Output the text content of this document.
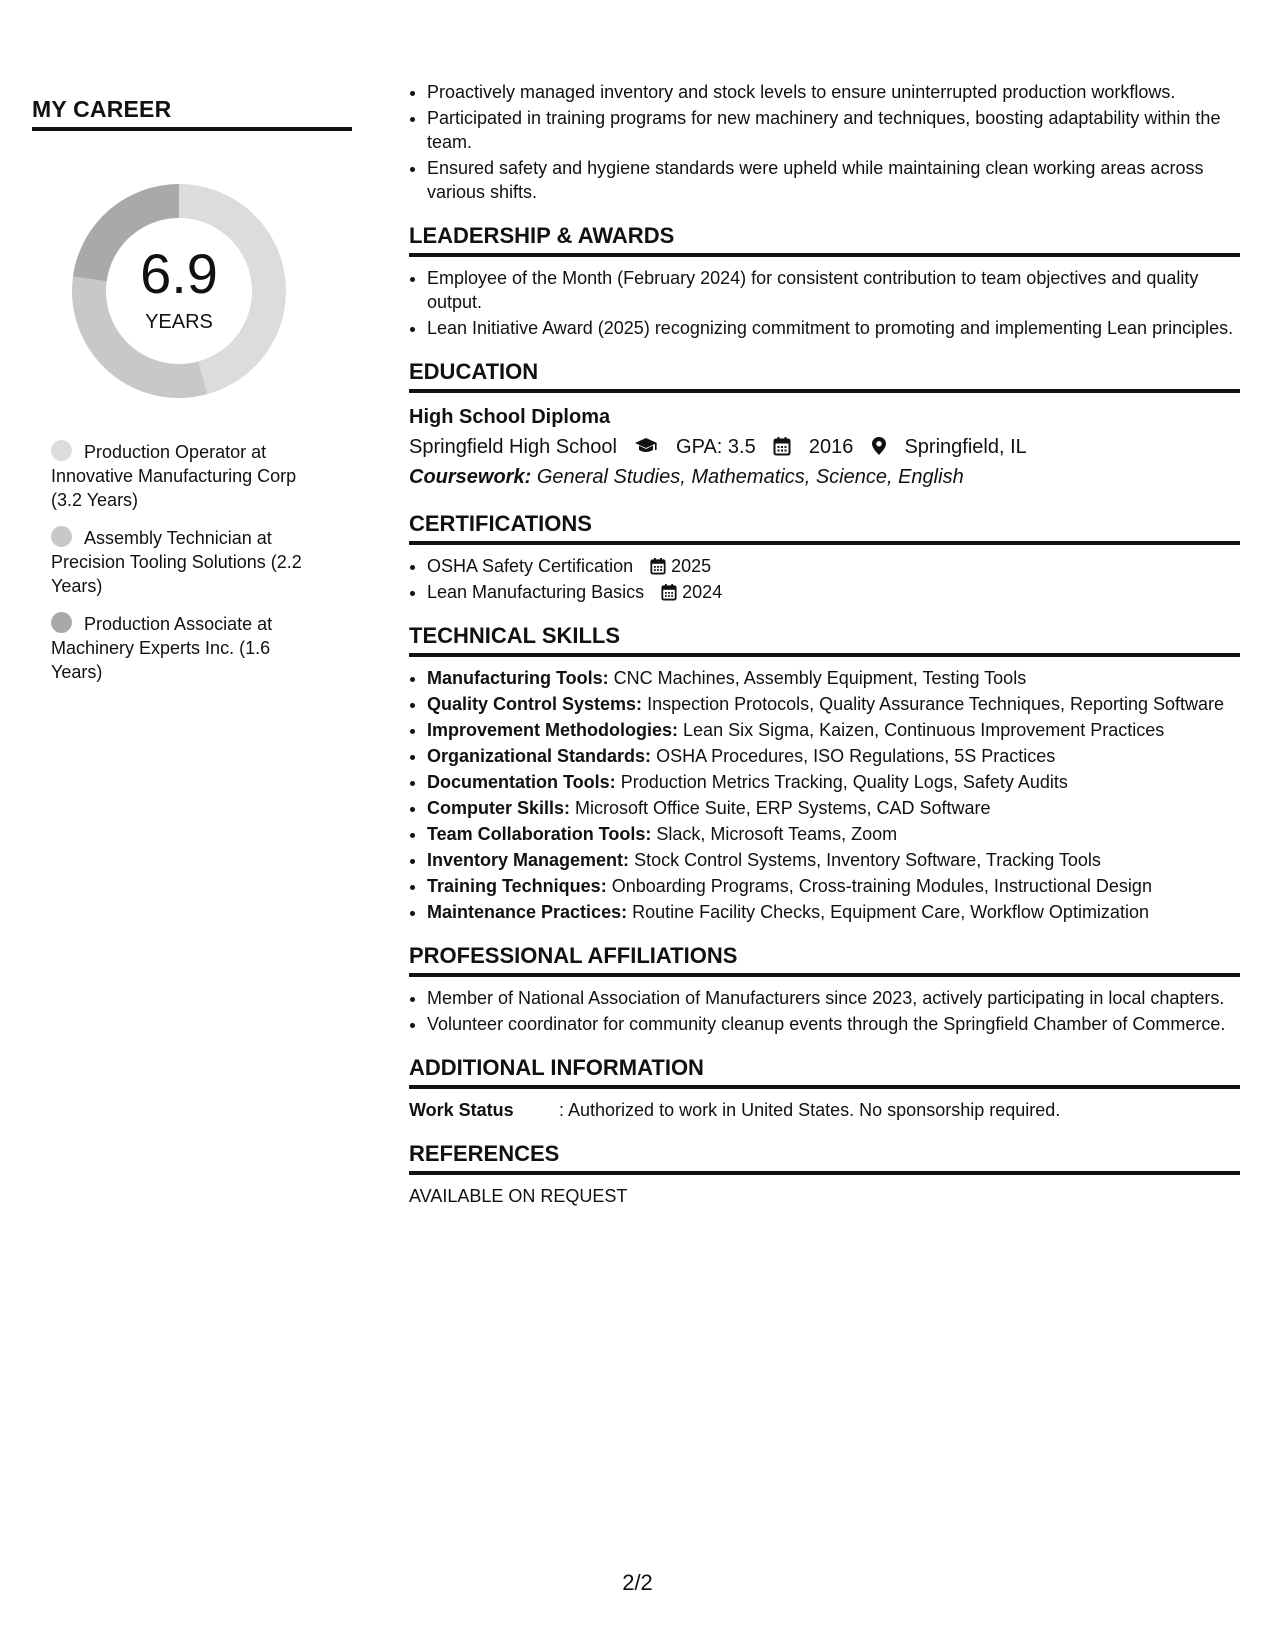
MY CAREER
6.9
YEARS
Production Operator at Innovative Manufacturing Corp (3.2 Years)
Assembly Technician at Precision Tooling Solutions (2.2 Years)
Production Associate at Machinery Experts Inc. (1.6 Years)
• Proactively managed inventory and stock levels to ensure uninterrupted production workflows.
• Participated in training programs for new machinery and techniques, boosting adaptability within the team.
• Ensured safety and hygiene standards were upheld while maintaining clean working areas across various shifts.
LEADERSHIP & AWARDS
• Employee of the Month (February 2024) for consistent contribution to team objectives and quality output.
• Lean Initiative Award (2025) recognizing commitment to promoting and implementing Lean principles.
EDUCATION
High School Diploma
Springfield High School	GPA: 3.5	2016	Springfield, IL
Coursework: General Studies, Mathematics, Science, English
CERTIFICATIONS
• OSHA Safety Certification 2025
• Lean Manufacturing Basics 2024
TECHNICAL SKILLS
• Manufacturing Tools: CNC Machines, Assembly Equipment, Testing Tools
• Quality Control Systems: Inspection Protocols, Quality Assurance Techniques, Reporting Software
• Improvement Methodologies: Lean Six Sigma, Kaizen, Continuous Improvement Practices
• Organizational Standards: OSHA Procedures, ISO Regulations, 5S Practices
• Documentation Tools: Production Metrics Tracking, Quality Logs, Safety Audits
• Computer Skills: Microsoft Office Suite, ERP Systems, CAD Software
• Team Collaboration Tools: Slack, Microsoft Teams, Zoom
• Inventory Management: Stock Control Systems, Inventory Software, Tracking Tools
• Training Techniques: Onboarding Programs, Cross-training Modules, Instructional Design
• Maintenance Practices: Routine Facility Checks, Equipment Care, Workflow Optimization
PROFESSIONAL AFFILIATIONS
• Member of National Association of Manufacturers since 2023, actively participating in local chapters.
• Volunteer coordinator for community cleanup events through the Springfield Chamber of Commerce.
ADDITIONAL INFORMATION
Work Status	: Authorized to work in United States. No sponsorship required.
REFERENCES
AVAILABLE ON REQUEST
2/2
